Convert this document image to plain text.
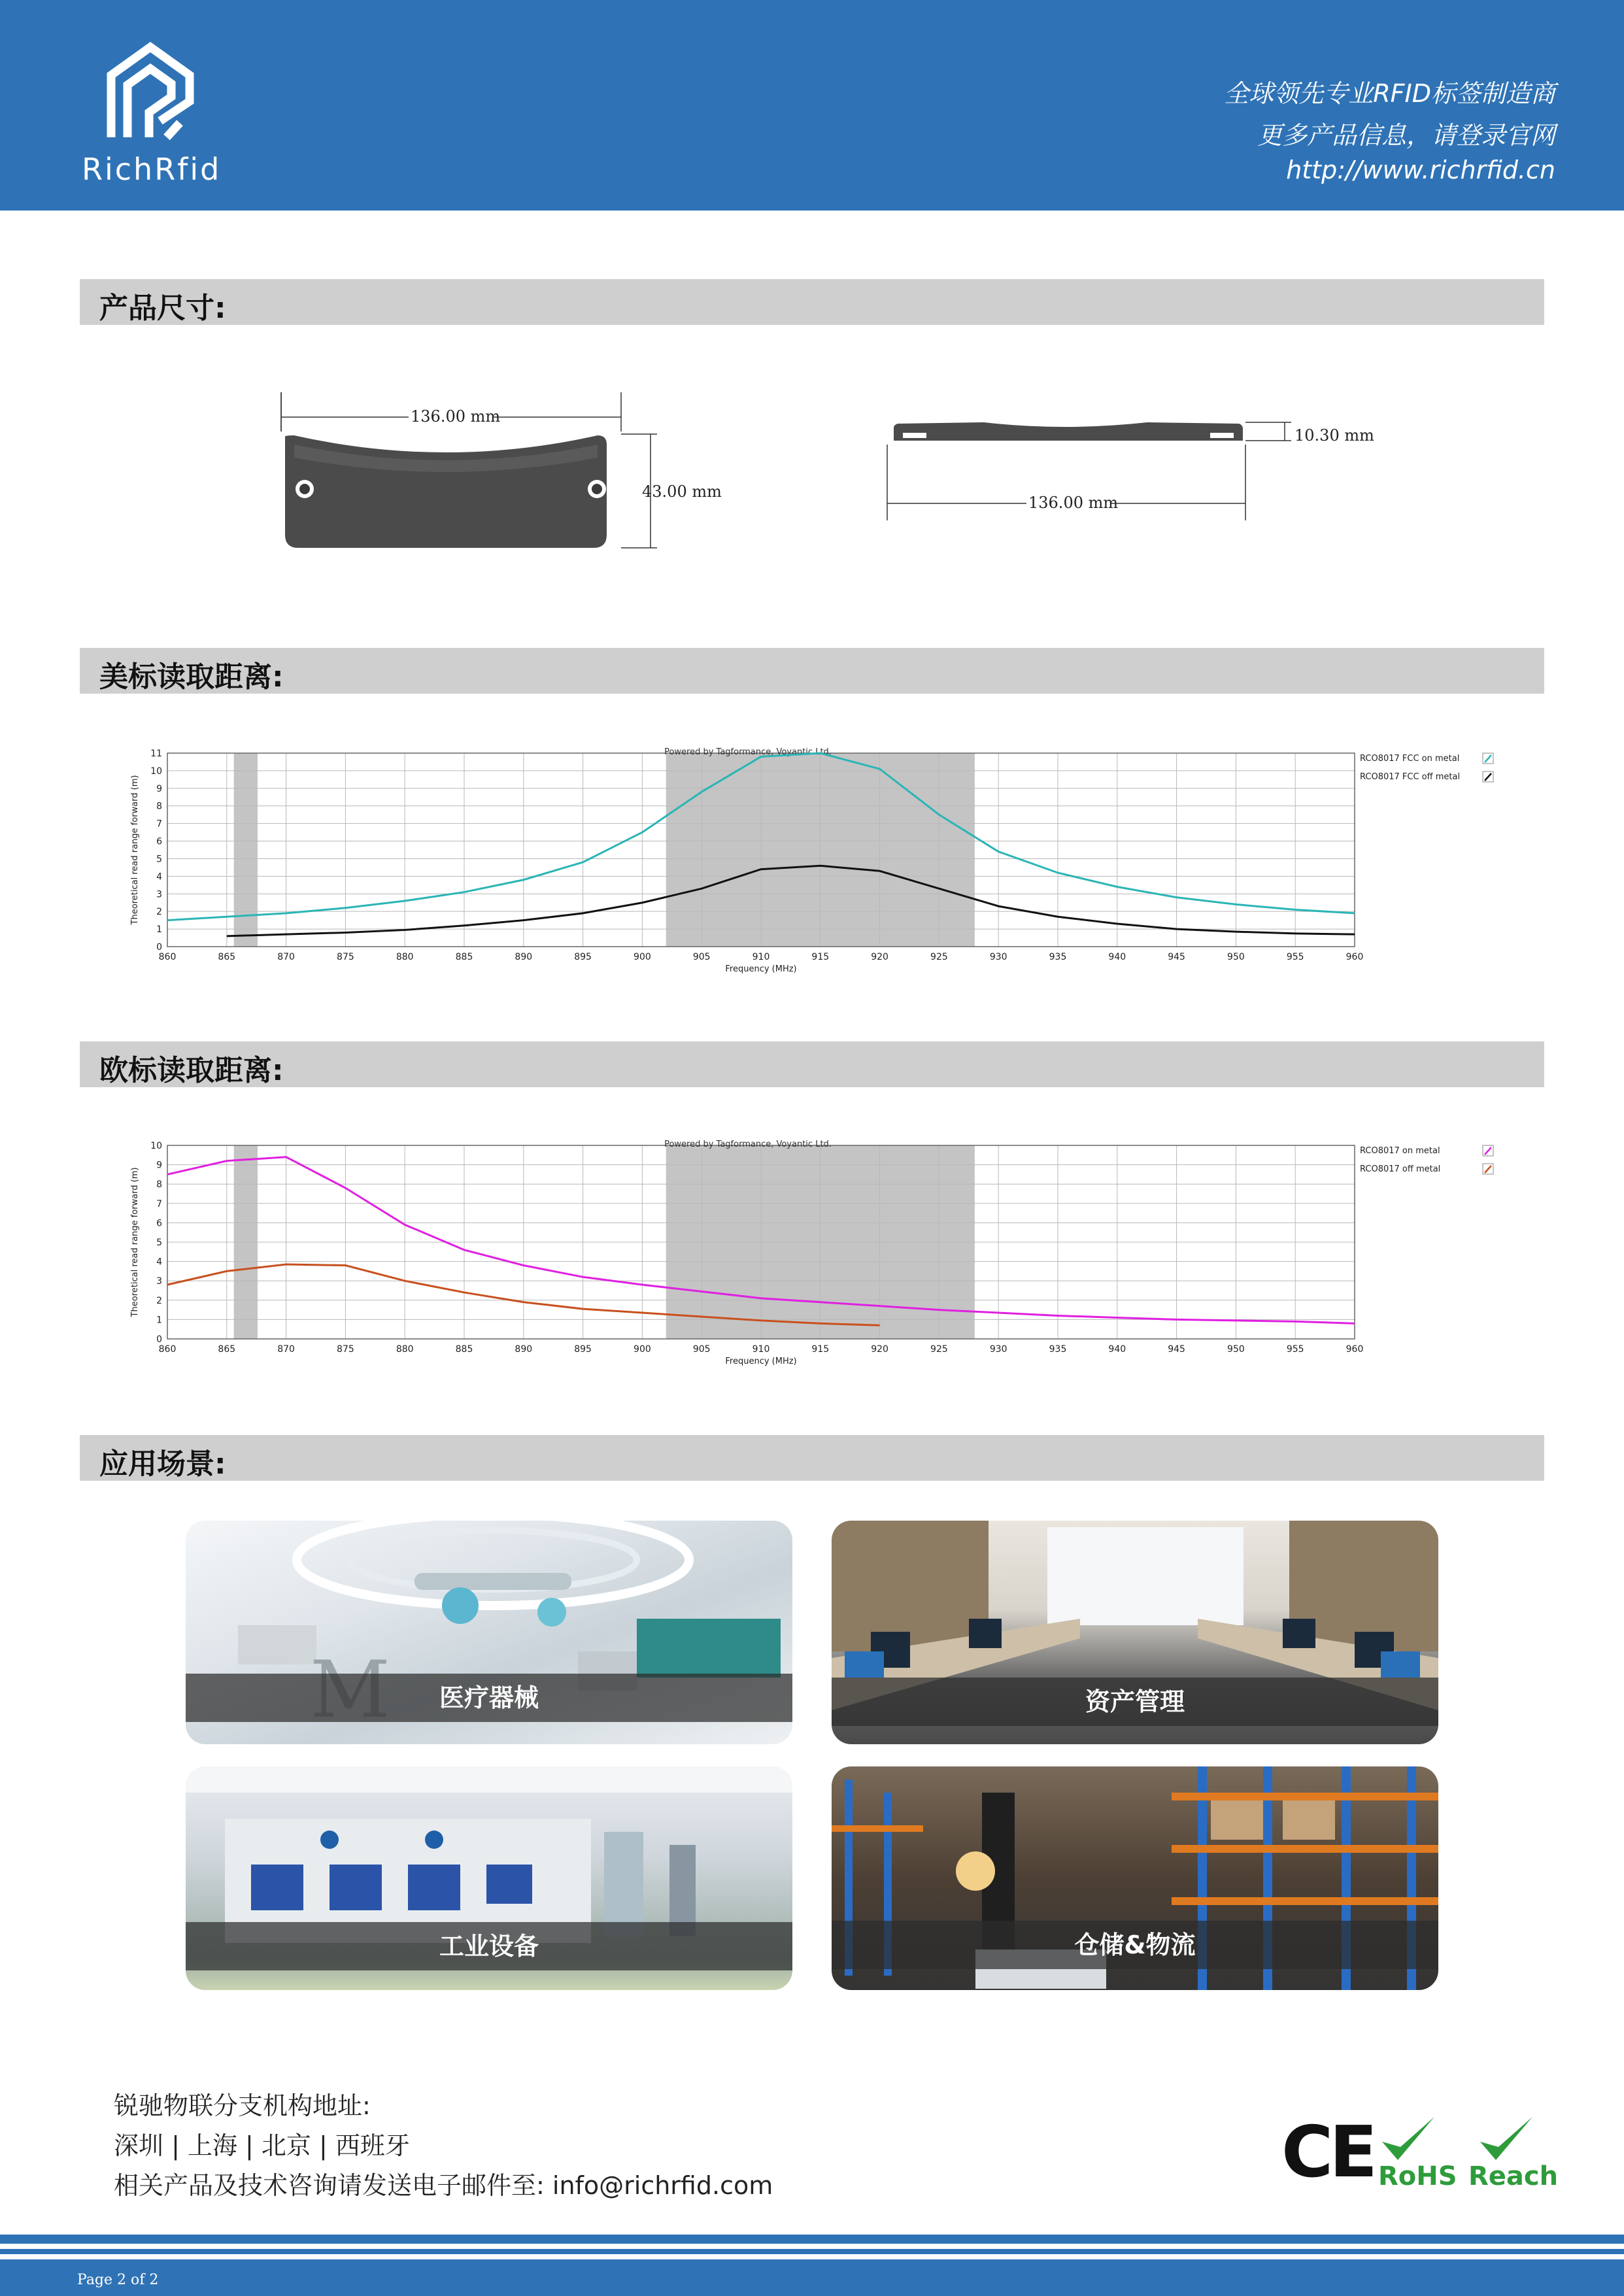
RichRfid
全球领先专业RFID标签制造商
更多产品信息，请登录官网
http://www.richrfid.cn
产品尺寸:
136.00 mm
43.00 mm
10.30 mm
136.00 mm
美标读取距离:
860	865	870	875	880	885	890	895	900	905	910	915	920	925	930	935	940	945	950	955	960
0
1
2
3
4
5
6
7
8
9
10
11	Powered by Tagformance, Voyantic Ltd.
Frequency (MHz)
Theoretical read range forward (m)
RCO8017 FCC on metal
RCO8017 FCC off metal
欧标读取距离:
860	865	870	875	880	885	890	895	900	905	910	915	920	925	930	935	940	945	950	955	960
0
1
2
3
4
5
6
7
8
9
10	Powered by Tagformance, Voyantic Ltd.
Frequency (MHz)
Theoretical read range forward (m)
RCO8017 on metal
RCO8017 off metal
应用场景:
医疗器械	资产管理
工业设备	仓储&物流
锐驰物联分支机构地址:
深圳 | 上海 | 北京 | 西班牙
相关产品及技术咨询请发送电子邮件至: info@richrfid.com	CE RoHS Reach
Page 2 of 2
